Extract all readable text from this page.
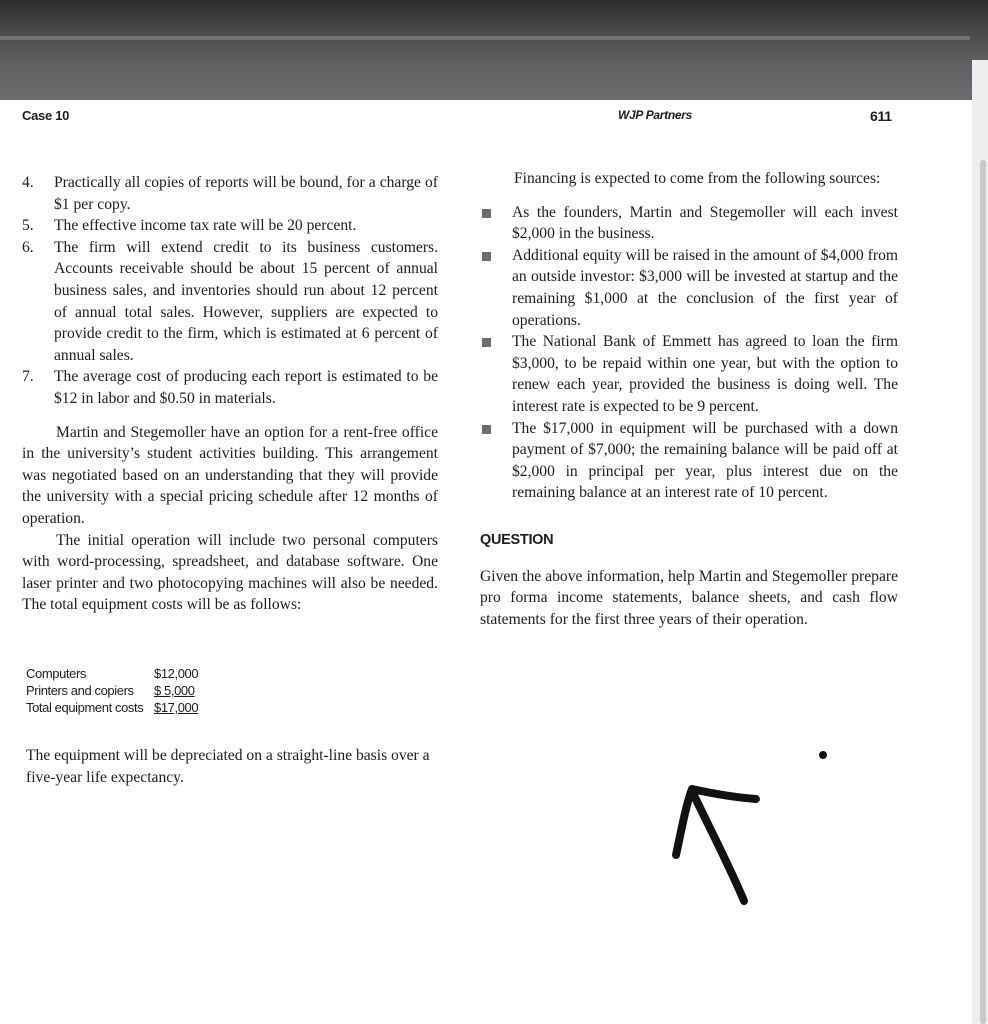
Case 10	WJP Partners	611
4. Practically all copies of reports will be bound, for a charge of $1 per copy.
5. The effective income tax rate will be 20 percent.
6. The firm will extend credit to its business customers. Accounts receivable should be about 15 percent of annual business sales, and inventories should run about 12 percent of annual total sales. However, suppliers are expected to provide credit to the firm, which is estimated at 6 percent of annual sales.
7. The average cost of producing each report is estimated to be $12 in labor and $0.50 in materials.

Martin and Stegemoller have an option for a rent-free office in the university’s student activities building. This arrangement was negotiated based on an understanding that they will provide the university with a special pricing schedule after 12 months of operation.

The initial operation will include two personal computers with word-processing, spreadsheet, and database software. One laser printer and two photocopying machines will also be needed. The total equipment costs will be as follows:

Computers	$12,000
Printers and copiers	$ 5,000
Total equipment costs $17,000

The equipment will be depreciated on a straight-line basis over a five-year life expectancy.

Financing is expected to come from the following sources:

As the founders, Martin and Stegemoller will each invest $2,000 in the business.
Additional equity will be raised in the amount of $4,000 from an outside investor: $3,000 will be invested at startup and the remaining $1,000 at the conclusion of the first year of operations.
The National Bank of Emmett has agreed to loan the firm $3,000, to be repaid within one year, but with the option to renew each year, provided the business is doing well. The interest rate is expected to be 9 percent.
The $17,000 in equipment will be purchased with a down payment of $7,000; the remaining balance will be paid off at $2,000 in principal per year, plus interest due on the remaining balance at an interest rate of 10 percent.
QUESTION

Given the above information, help Martin and Stegemoller prepare pro forma income statements, balance sheets, and cash flow statements for the first three years of their operation.
